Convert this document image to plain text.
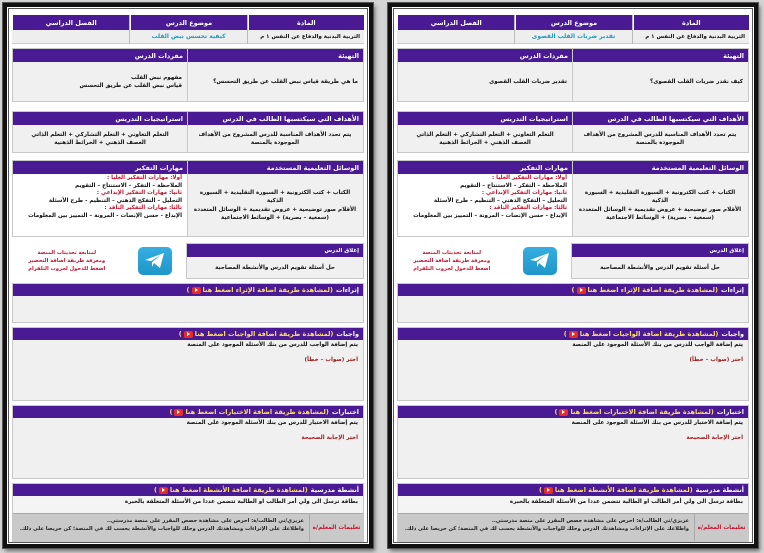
المادة
التربية البدنية والدفاع عن النفس ١ م
موضوع الدرس
كيفية تحسس نبض القلب
الفصل الدراسي
التهيئة
ما هي طريقة قياس نبض القلب عن طريق التحسس؟
مفردات الدرس
مفهوم نبض القلب
قياس نبض القلب عن طريق التحسس
الأهداف التي سيكتسبها الطالب في الدرس
يتم تحدد الأهداف المناسبة للدرس المشروح من الأهداف الموجودة بالمنصة
استراتيجيات التدريس
التعلم التعاوني + التعلم التشاركي + التعلم الذاتي
العصف الذهني + الخرائط الذهنية
الوسائل التعليمية المستخدمة
الكتاب + كتب الكترونية + السبورة التقليدية + السبورة الذكية
الأقلام صور توضيحية + عروض تقديمية + الوسائل المتعددة
(سمعية – بصرية) + الوسائط الاجتماعية
مهارات التفكير
أولا: مهارات التفكير العليا :
الملاحظة – التفكر – الاستنتاج – التقويم
ثانيا: مهارات التفكير الإبداعي :
التحليل – التفكح الذهني – التنظيم - طرح الأسئلة
ثالثا: مهارات التفكير الناقد :
الإبداع - حسن الإنصات - المرونة – التمييز بين المعلومات
لمتابعة تحديثات المنصة
ومعرفة طريقة اضافة التحضير
اضغط للدخول لجروب التلقرام
إغلاق الدرس
حل أسئلة تقويم الدرس والأنشطة المصاحبة
إثراءات
(لمشاهدة طريقة اضافة الإثراء اضغط هنا
)
واجبات
(لمشاهدة طريقة اضافة الواجبات اضغط هنا
)
يتم إضافة الواجب للدرس من بنك الأسئلة الموجود على المنصة
اختر (صواب – خطأ)
اختبارات
(لمشاهدة طريقة اضافة الاختبارات اضغط هنا
)
يتم إضافة الاختبار للدرس من بنك الأسئلة الموجود على المنصة
اختر الإجابة الصحيحة
أنشطة مدرسية
(لمشاهدة طريقة اضافة الأنشطة اضغط هنا
)
بطاقة ترسل الى ولي أمر الطالب او الطالبة تتضمن عددا من الأسئلة المتعلقة بالخبرة
تعليمات المعلم/ة
عزيزي/تي الطالب/ة: احرص على مشاهدة حصص المقرر على منصة مدرستي..
واطلاعك على الإثراءات ومشاهدتك الدرس وحلك للواجبات والأنشطة يحسب لك في المنصة؛ كن حريصا على ذلك.
المادة
التربية البدنية والدفاع عن النفس ١ م
موضوع الدرس
تقدير ضربات القلب القصوى
الفصل الدراسي
التهيئة
كيف نقدر ضربات القلب القصوى؟
مفردات الدرس
تقدير ضربات القلب القصوى
الأهداف التي سيكتسبها الطالب في الدرس
يتم تحدد الأهداف المناسبة للدرس المشروح من الأهداف الموجودة بالمنصة
استراتيجيات التدريس
التعلم التعاوني + التعلم التشاركي + التعلم الذاتي
العصف الذهني + الخرائط الذهنية
الوسائل التعليمية المستخدمة
الكتاب + كتب الكترونية + السبورة التقليدية + السبورة الذكية
الأقلام صور توضيحية + عروض تقديمية + الوسائل المتعددة
(سمعية – بصرية) + الوسائط الاجتماعية
مهارات التفكير
أولا: مهارات التفكير العليا :
الملاحظة – التفكر – الاستنتاج – التقويم
ثانيا: مهارات التفكير الإبداعي :
التحليل – التفكح الذهني – التنظيم - طرح الأسئلة
ثالثا: مهارات التفكير الناقد :
الإبداع - حسن الإنصات - المرونة – التمييز بين المعلومات
لمتابعة تحديثات المنصة
ومعرفة طريقة اضافة التحضير
اضغط للدخول لجروب التلقرام
إغلاق الدرس
حل أسئلة تقويم الدرس والأنشطة المصاحبة
إثراءات
(لمشاهدة طريقة اضافة الإثراء اضغط هنا
)
واجبات
(لمشاهدة طريقة اضافة الواجبات اضغط هنا
)
يتم إضافة الواجب للدرس من بنك الأسئلة الموجود على المنصة
اختر (صواب – خطأ)
اختبارات
(لمشاهدة طريقة اضافة الاختبارات اضغط هنا
)
يتم إضافة الاختبار للدرس من بنك الأسئلة الموجود على المنصة
اختر الإجابة الصحيحة
أنشطة مدرسية
(لمشاهدة طريقة اضافة الأنشطة اضغط هنا
)
بطاقة ترسل الى ولي أمر الطالب او الطالبة تتضمن عددا من الأسئلة المتعلقة بالخبرة
تعليمات المعلم/ة
عزيزي/تي الطالب/ة: احرص على مشاهدة حصص المقرر على منصة مدرستي..
واطلاعك على الإثراءات ومشاهدتك الدرس وحلك للواجبات والأنشطة يحسب لك في المنصة؛ كن حريصا على ذلك.
